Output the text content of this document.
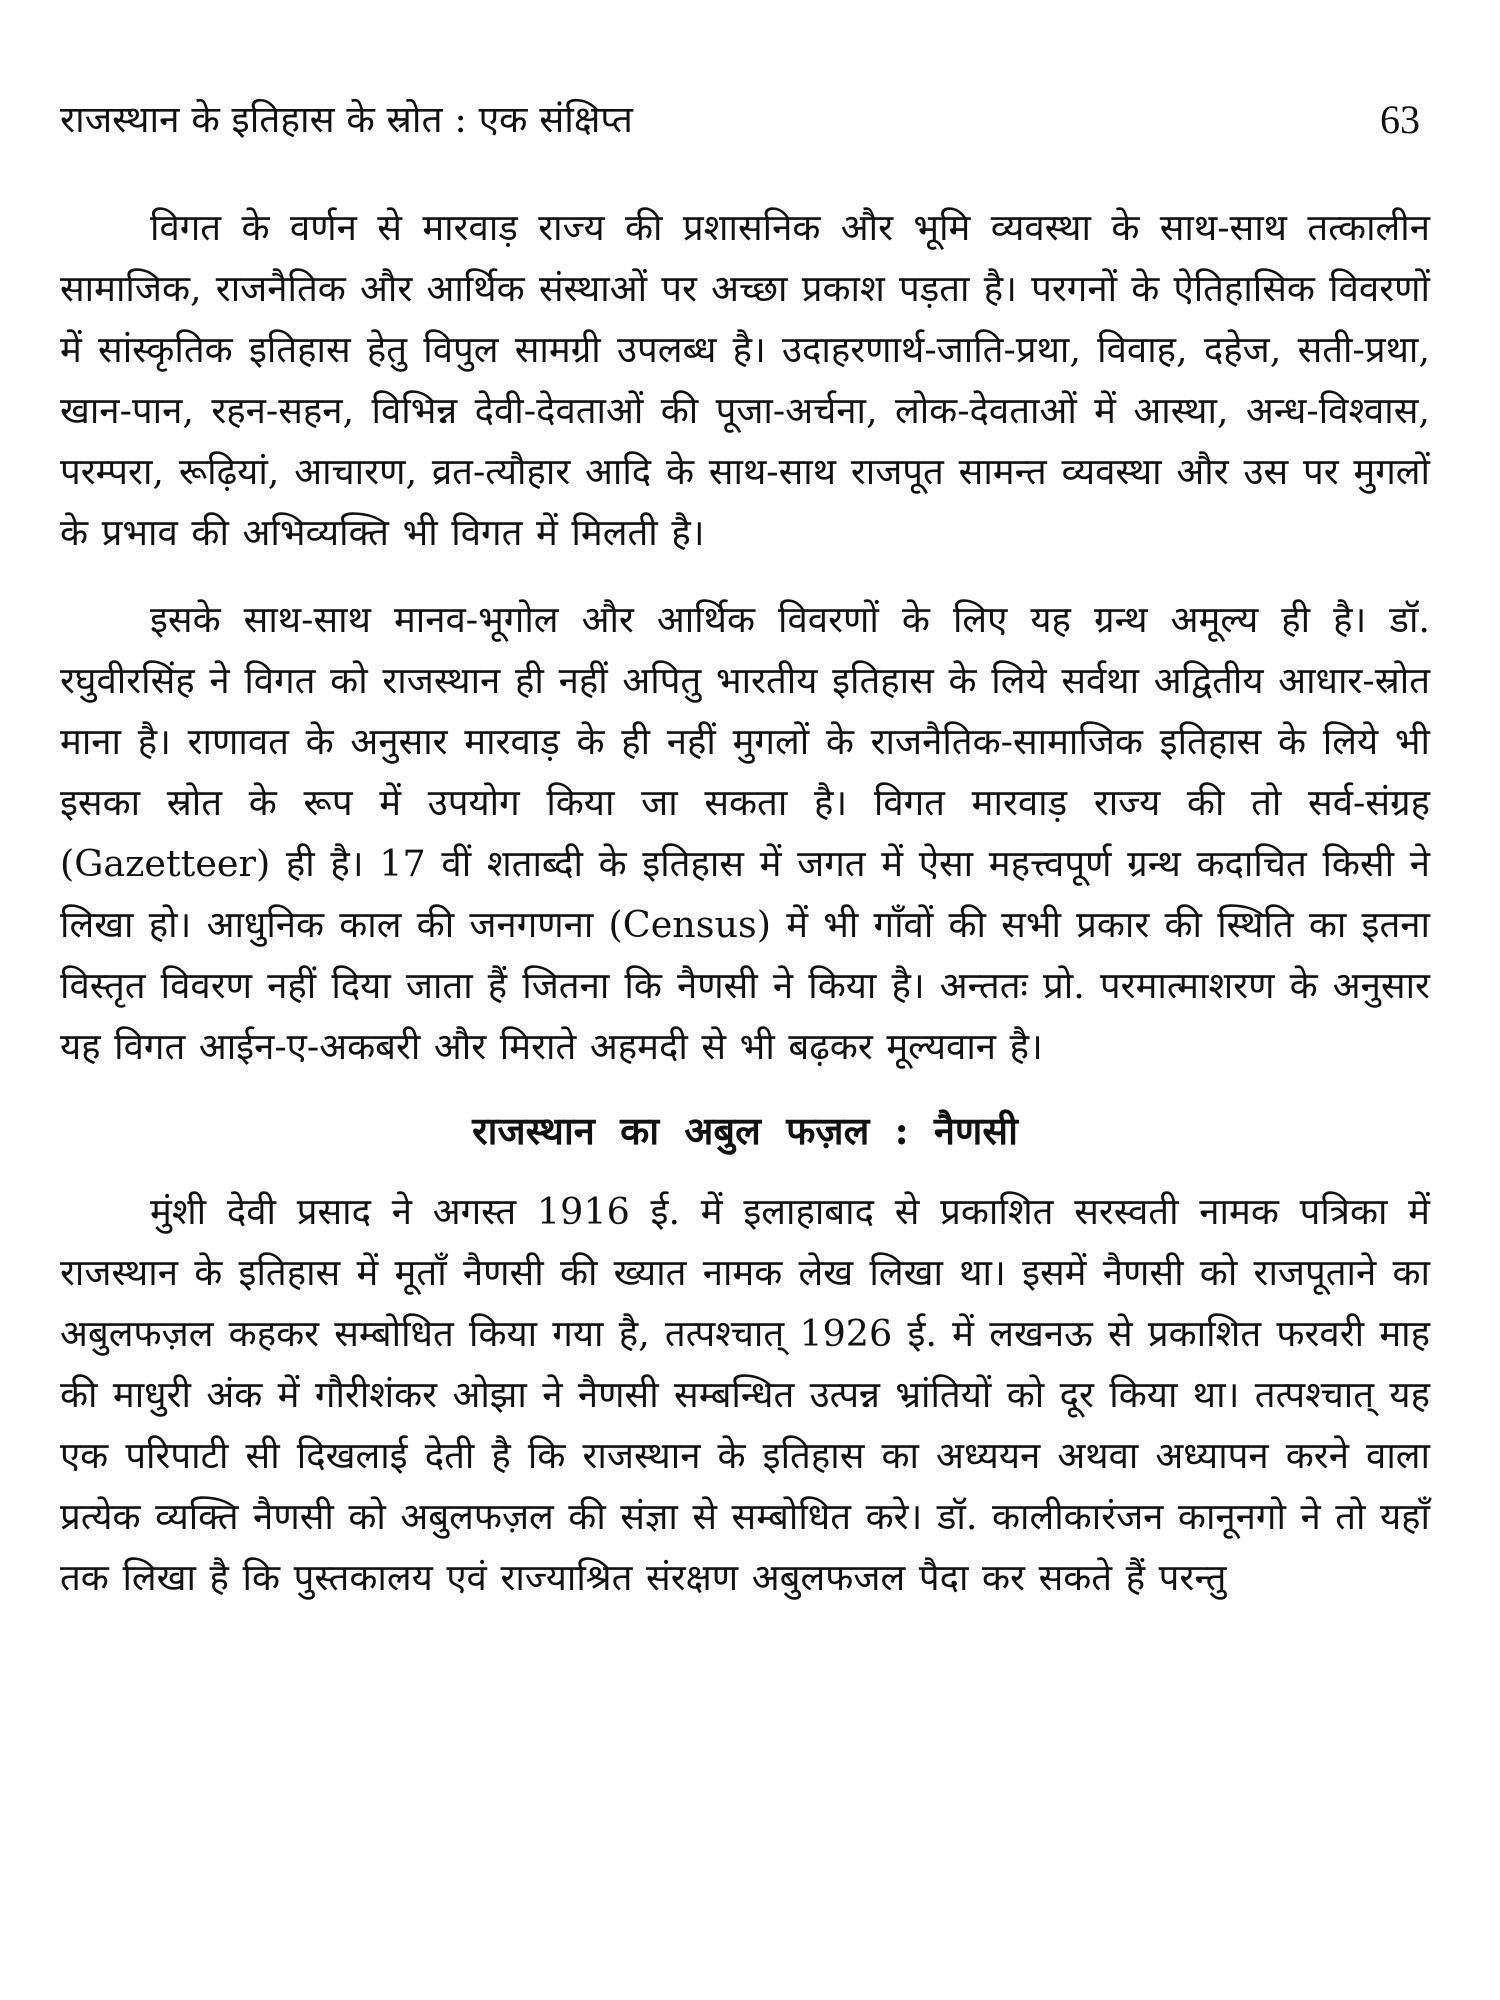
राजस्थान के इतिहास के स्रोत : एक संक्षिप्त	63

विगत के वर्णन से मारवाड़ राज्य की प्रशासनिक और भूमि व्यवस्था के साथ-साथ तत्कालीन सामाजिक, राजनैतिक और आर्थिक संस्थाओं पर अच्छा प्रकाश पड़ता है। परगनों के ऐतिहासिक विवरणों में सांस्कृतिक इतिहास हेतु विपुल सामग्री उपलब्ध है। उदाहरणार्थ-जाति-प्रथा, विवाह, दहेज, सती-प्रथा, खान-पान, रहन-सहन, विभिन्न देवी-देवताओं की पूजा-अर्चना, लोक-देवताओं में आस्था, अन्ध-विश्वास, परम्परा, रूढ़ियां, आचारण, व्रत-त्यौहार आदि के साथ-साथ राजपूत सामन्त व्यवस्था और उस पर मुगलों के प्रभाव की अभिव्यक्ति भी विगत में मिलती है।

इसके साथ-साथ मानव-भूगोल और आर्थिक विवरणों के लिए यह ग्रन्थ अमूल्य ही है। डॉ. रघुवीरसिंह ने विगत को राजस्थान ही नहीं अपितु भारतीय इतिहास के लिये सर्वथा अद्वितीय आधार-स्रोत माना है। राणावत के अनुसार मारवाड़ के ही नहीं मुगलों के राजनैतिक-सामाजिक इतिहास के लिये भी इसका स्रोत के रूप में उपयोग किया जा सकता है। विगत मारवाड़ राज्य की तो सर्व-संग्रह (Gazetteer) ही है। 17 वीं शताब्दी के इतिहास में जगत में ऐसा महत्त्वपूर्ण ग्रन्थ कदाचित किसी ने लिखा हो। आधुनिक काल की जनगणना (Census) में भी गाँवों की सभी प्रकार की स्थिति का इतना विस्तृत विवरण नहीं दिया जाता हैं जितना कि नैणसी ने किया है। अन्ततः प्रो. परमात्माशरण के अनुसार यह विगत आईन-ए-अकबरी और मिराते अहमदी से भी बढ़कर मूल्यवान है।

राजस्थान का अबुल फज़ल : नैणसी

मुंशी देवी प्रसाद ने अगस्त 1916 ई. में इलाहाबाद से प्रकाशित सरस्वती नामक पत्रिका में राजस्थान के इतिहास में मूताँ नैणसी की ख्यात नामक लेख लिखा था। इसमें नैणसी को राजपूताने का अबुलफज़ल कहकर सम्बोधित किया गया है, तत्पश्चात् 1926 ई. में लखनऊ से प्रकाशित फरवरी माह की माधुरी अंक में गौरीशंकर ओझा ने नैणसी सम्बन्धित उत्पन्न भ्रांतियों को दूर किया था। तत्पश्चात् यह एक परिपाटी सी दिखलाई देती है कि राजस्थान के इतिहास का अध्ययन अथवा अध्यापन करने वाला प्रत्येक व्यक्ति नैणसी को अबुलफज़ल की संज्ञा से सम्बोधित करे। डॉ. कालीकारंजन कानूनगो ने तो यहाँ तक लिखा है कि पुस्तकालय एवं राज्याश्रित संरक्षण अबुलफजल पैदा कर सकते हैं परन्तु
